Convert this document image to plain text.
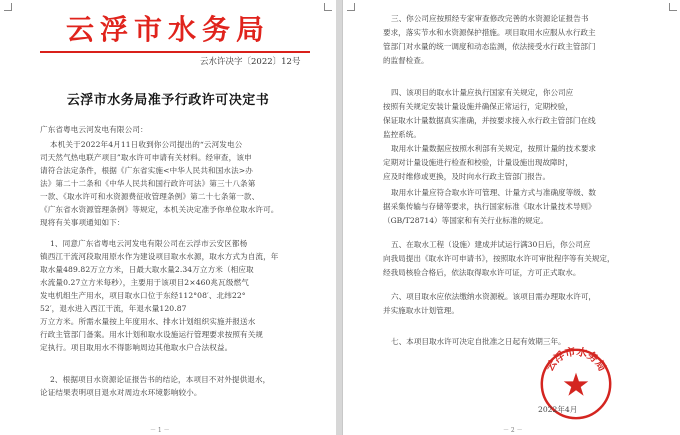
云浮市水务局
云水许决字〔2022〕12号
云浮市水务局准予行政许可决定书
广东省粤电云河发电有限公司：
本机关于2022年4月11日收到你公司提出的“云河发电公
司天然气热电联产项目”取水许可申请有关材料。经审查，该申
请符合法定条件，根据《广东省实施<中华人民共和国水法>办
法》第二十二条和《中华人民共和国行政许可法》第三十八条第
一款、《取水许可和水资源费征收管理条例》第二十七条第一款、
《广东省水资源管理条例》等规定，本机关决定准予你单位取水许可。
现将有关事项通知如下：
1、同意广东省粤电云河发电有限公司在云浮市云安区都杨
镇西江干流河段取用原水作为建设项目取水水源，取水方式为自流，年
取水量489.82万立方米，日最大取水量2.34万立方米（相应取
水流量0.27立方米每秒），主要用于该项目2×460兆瓦级燃气
发电机组生产用水，项目取水口位于东经112°08′、北纬22°
52′，退水进入西江干流，年退水量120.87
万立方米。所需水量按上年度用水、排水计划组织实施并报送水
行政主管部门备案。用水计划和取水设施运行管理要求按照有关规
定执行。项目取用水不得影响周边其他取水户合法权益。
2、根据项目水资源论证报告书的结论，本项目不对外提供退水，
论证结果表明项目退水对周边水环境影响较小。
－ 1 －
三、你公司应按照经专家审查修改完善的水资源论证报告书
要求，落实节水和水资源保护措施。项目取用水应服从水行政主
管部门对水量的统一调度和动态监测，依法接受水行政主管部门
的监督检查。
四、该项目的取水计量应执行国家有关规定，你公司应
按照有关规定安装计量设施并确保正常运行，定期校验，
保证取水计量数据真实准确，并按要求接入水行政主管部门在线
监控系统。
取用水计量数据应按照水利部有关规定，按照计量的技术要求
定期对计量设施进行检查和校验，计量设施出现故障时，
应及时维修或更换，及时向水行政主管部门报告。
取用水计量应符合取水许可管理、计量方式与准确度等级、数
据采集传输与存储等要求，执行国家标准《取水计量技术导则》
（GB/T28714）等国家和有关行业标准的规定。
五、在取水工程（设施）建成并试运行满30日后，你公司应
向我局提出《取水许可申请书》，按照取水许可审批程序等有关规定，
经我局核验合格后，依法取得取水许可证，方可正式取水。
六、项目取水应依法缴纳水资源税。该项目需办理取水许可，
并实施取水计划管理。
七、本项目取水许可决定自批准之日起有效期三年。
－ 2 －
云浮市水务局
2022年4月
